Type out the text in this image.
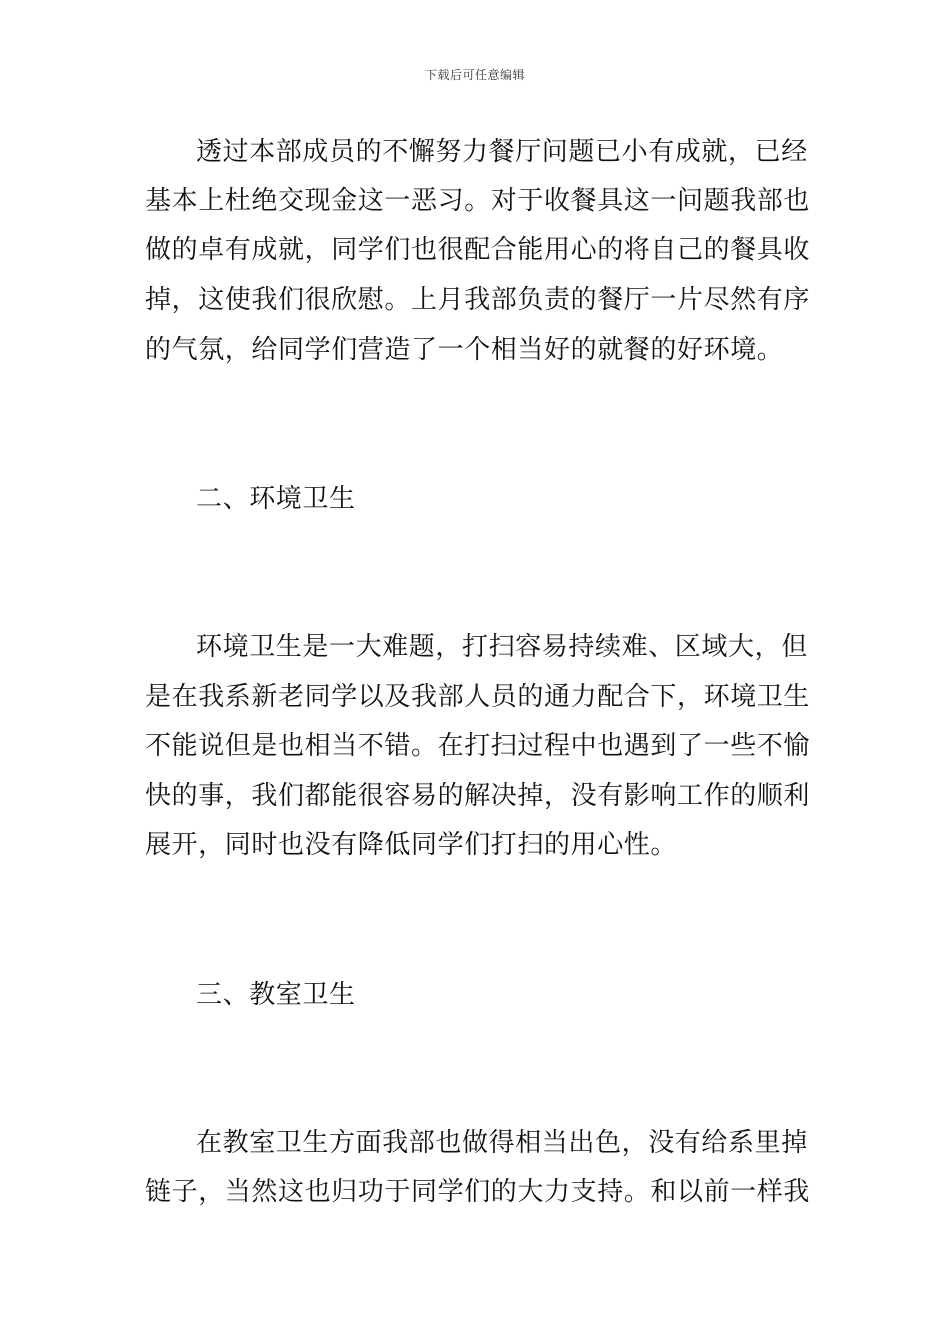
下载后可任意编辑
透过本部成员的不懈努力餐厅问题已小有成就，已经
基本上杜绝交现金这一恶习。对于收餐具这一问题我部也
做的卓有成就，同学们也很配合能用心的将自己的餐具收
掉，这使我们很欣慰。上月我部负责的餐厅一片尽然有序
的气氛，给同学们营造了一个相当好的就餐的好环境。
二、环境卫生
环境卫生是一大难题，打扫容易持续难、区域大，但
是在我系新老同学以及我部人员的通力配合下，环境卫生
不能说但是也相当不错。在打扫过程中也遇到了一些不愉
快的事，我们都能很容易的解决掉，没有影响工作的顺利
展开，同时也没有降低同学们打扫的用心性。
三、教室卫生
在教室卫生方面我部也做得相当出色，没有给系里掉
链子，当然这也归功于同学们的大力支持。和以前一样我
